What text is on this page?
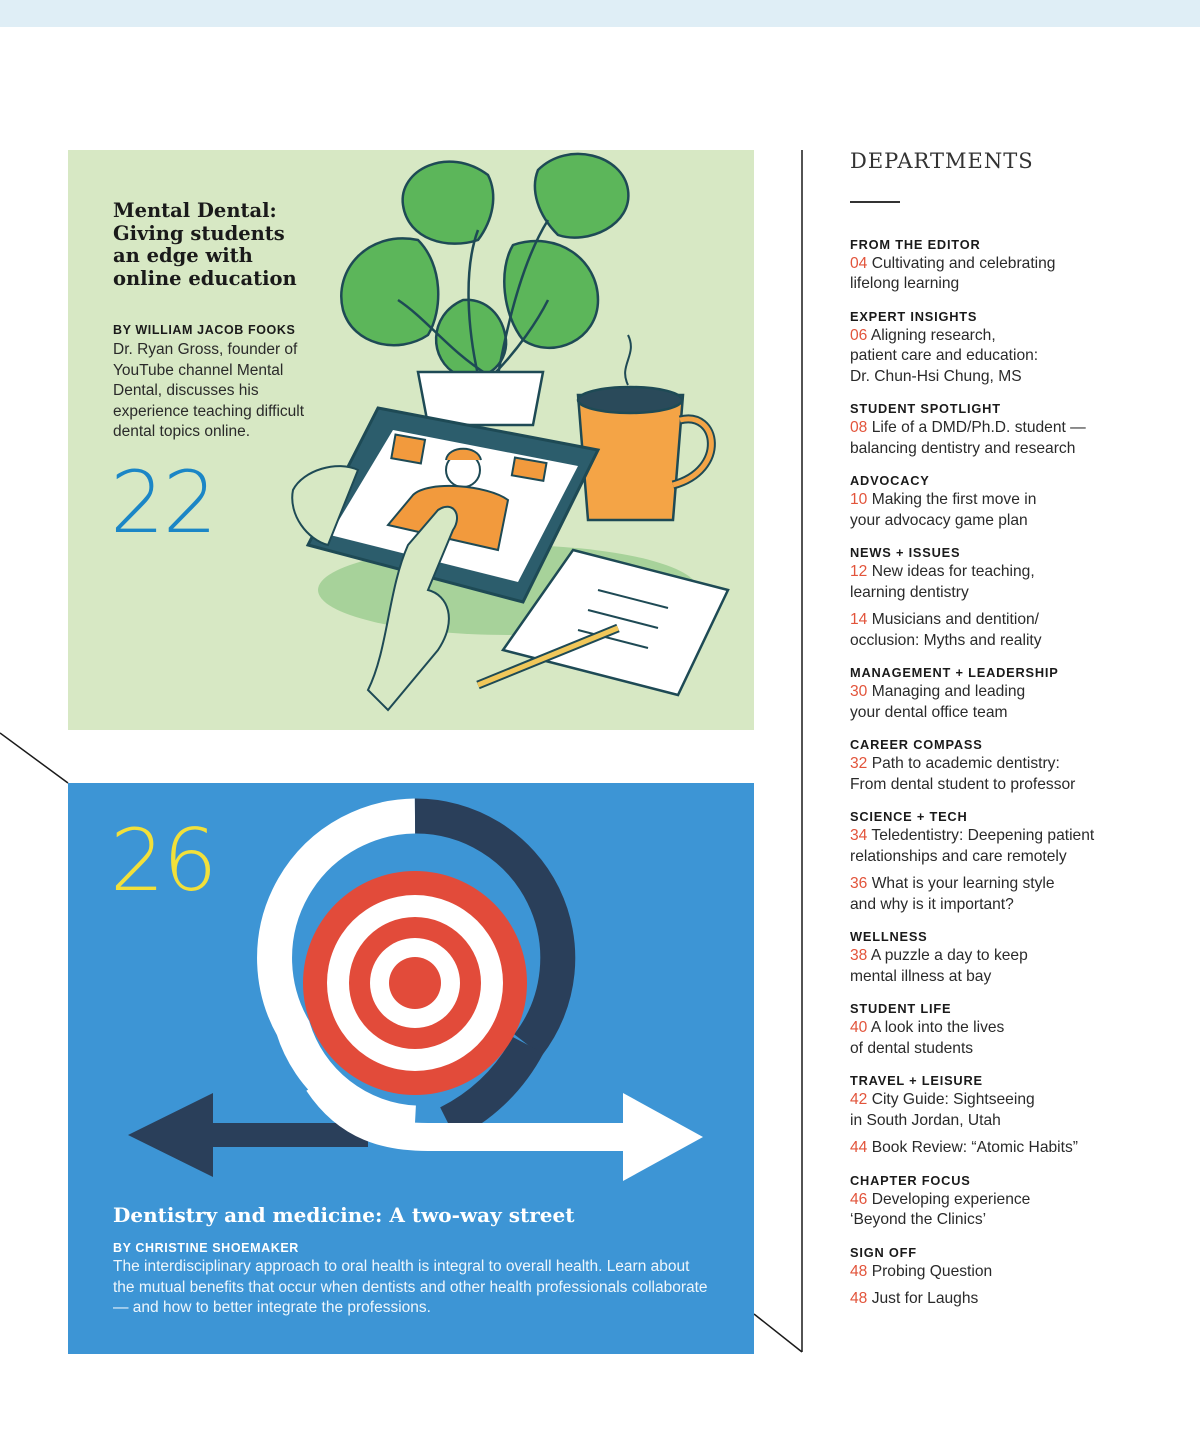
Mental Dental: Giving students an edge with online education
BY WILLIAM JACOB FOOKS
Dr. Ryan Gross, founder of YouTube channel Mental Dental, discusses his experience teaching difficult dental topics online.
22
26
Dentistry and medicine: A two-way street
BY CHRISTINE SHOEMAKER
The interdisciplinary approach to oral health is integral to overall health. Learn about the mutual benefits that occur when dentists and other health professionals collaborate — and how to better integrate the professions.
DEPARTMENTS
FROM THE EDITOR
04 Cultivating and celebrating
lifelong learning
EXPERT INSIGHTS
06 Aligning research,
patient care and education:
Dr. Chun-Hsi Chung, MS
STUDENT SPOTLIGHT
08 Life of a DMD/Ph.D. student —
balancing dentistry and research
ADVOCACY
10 Making the first move in
your advocacy game plan
NEWS + ISSUES
12 New ideas for teaching,
learning dentistry
14 Musicians and dentition/
occlusion: Myths and reality
MANAGEMENT + LEADERSHIP
30 Managing and leading
your dental office team
CAREER COMPASS
32 Path to academic dentistry:
From dental student to professor
SCIENCE + TECH
34 Teledentistry: Deepening patient
relationships and care remotely
36 What is your learning style
and why is it important?
WELLNESS
38 A puzzle a day to keep
mental illness at bay
STUDENT LIFE
40 A look into the lives
of dental students
TRAVEL + LEISURE
42 City Guide: Sightseeing
in South Jordan, Utah
44 Book Review: “Atomic Habits”
CHAPTER FOCUS
46 Developing experience
‘Beyond the Clinics’
SIGN OFF
48 Probing Question
48 Just for Laughs
